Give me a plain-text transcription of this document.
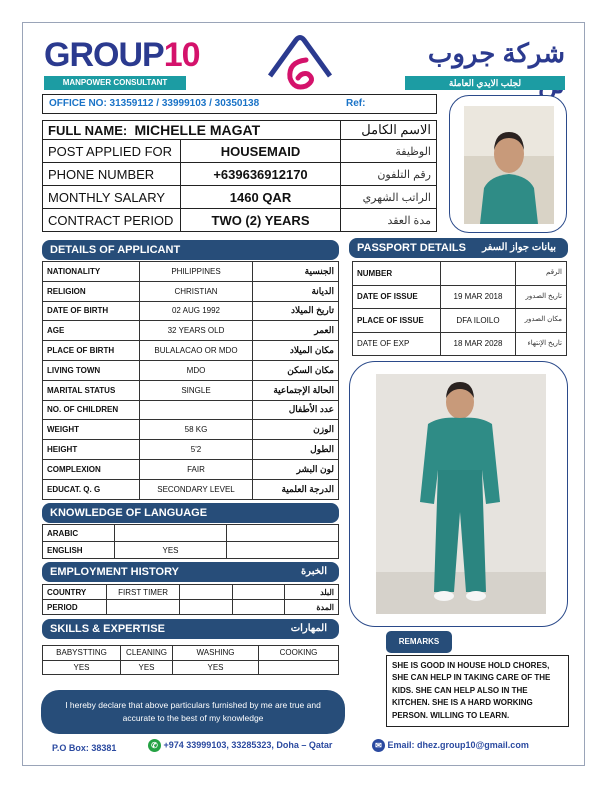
GROUP10
MANPOWER CONSULTANT
شركة جروب
لجلب الايدي العاملة
OFFICE NO: 31359112 / 33999103 / 30350138	Ref:
FULL NAME: MICHELLE MAGAT		الاسم الكامل
POST APPLIED FOR	HOUSEMAID	الوظيفة
PHONE NUMBER	+639636912170	رقم التلفون
MONTHLY SALARY	1460 QAR	الراتب الشهري
CONTRACT PERIOD	TWO (2) YEARS	مدة العقد
DETAILS OF APPLICANT
NATIONALITY	PHILIPPINES	الجنسية
RELIGION	CHRISTIAN	الديانة
DATE OF BIRTH	02 AUG 1992	تاريخ الميلاد
AGE	32 YEARS OLD	العمر
PLACE OF BIRTH	BULALACAO OR MDO	مكان الميلاد
LIVING TOWN	MDO	مكان السكن
MARITAL STATUS	SINGLE	الحالة الإجتماعية
NO. OF CHILDREN		عدد الأطفال
WEIGHT	58 KG	الوزن
HEIGHT	5'2	الطول
COMPLEXION	FAIR	لون البشر
EDUCAT. Q. G	SECONDARY LEVEL	الدرجة العلمية
PASSPORT DETAILS بيانات جواز السفر
NUMBER		الرقم
DATE OF ISSUE	19 MAR 2018	تاريخ الصدور
PLACE OF ISSUE	DFA ILOILO	مكان الصدور
DATE OF EXP	18 MAR 2028	تاريخ الإنتهاء
KNOWLEDGE OF LANGUAGE
ARABIC		
ENGLISH	YES	
EMPLOYMENT HISTORY	الخبرة
COUNTRY	FIRST TIMER			البلد
PERIOD				المدة
SKILLS & EXPERTISE	المهارات
BABYSTTING	CLEANING	WASHING	COOKING
YES	YES	YES	
REMARKS
SHE IS GOOD IN HOUSE HOLD CHORES, SHE CAN HELP IN TAKING CARE OF THE KIDS. SHE CAN HELP ALSO IN THE KITCHEN. SHE IS A HARD WORKING PERSON. WILLING TO LEARN.
I hereby declare that above particulars furnished by me are true and accurate to the best of my knowledge
P.O Box: 38381	✆ +974 33999103, 33285323, Doha – Qatar	✉ Email: dhez.group10@gmail.com
